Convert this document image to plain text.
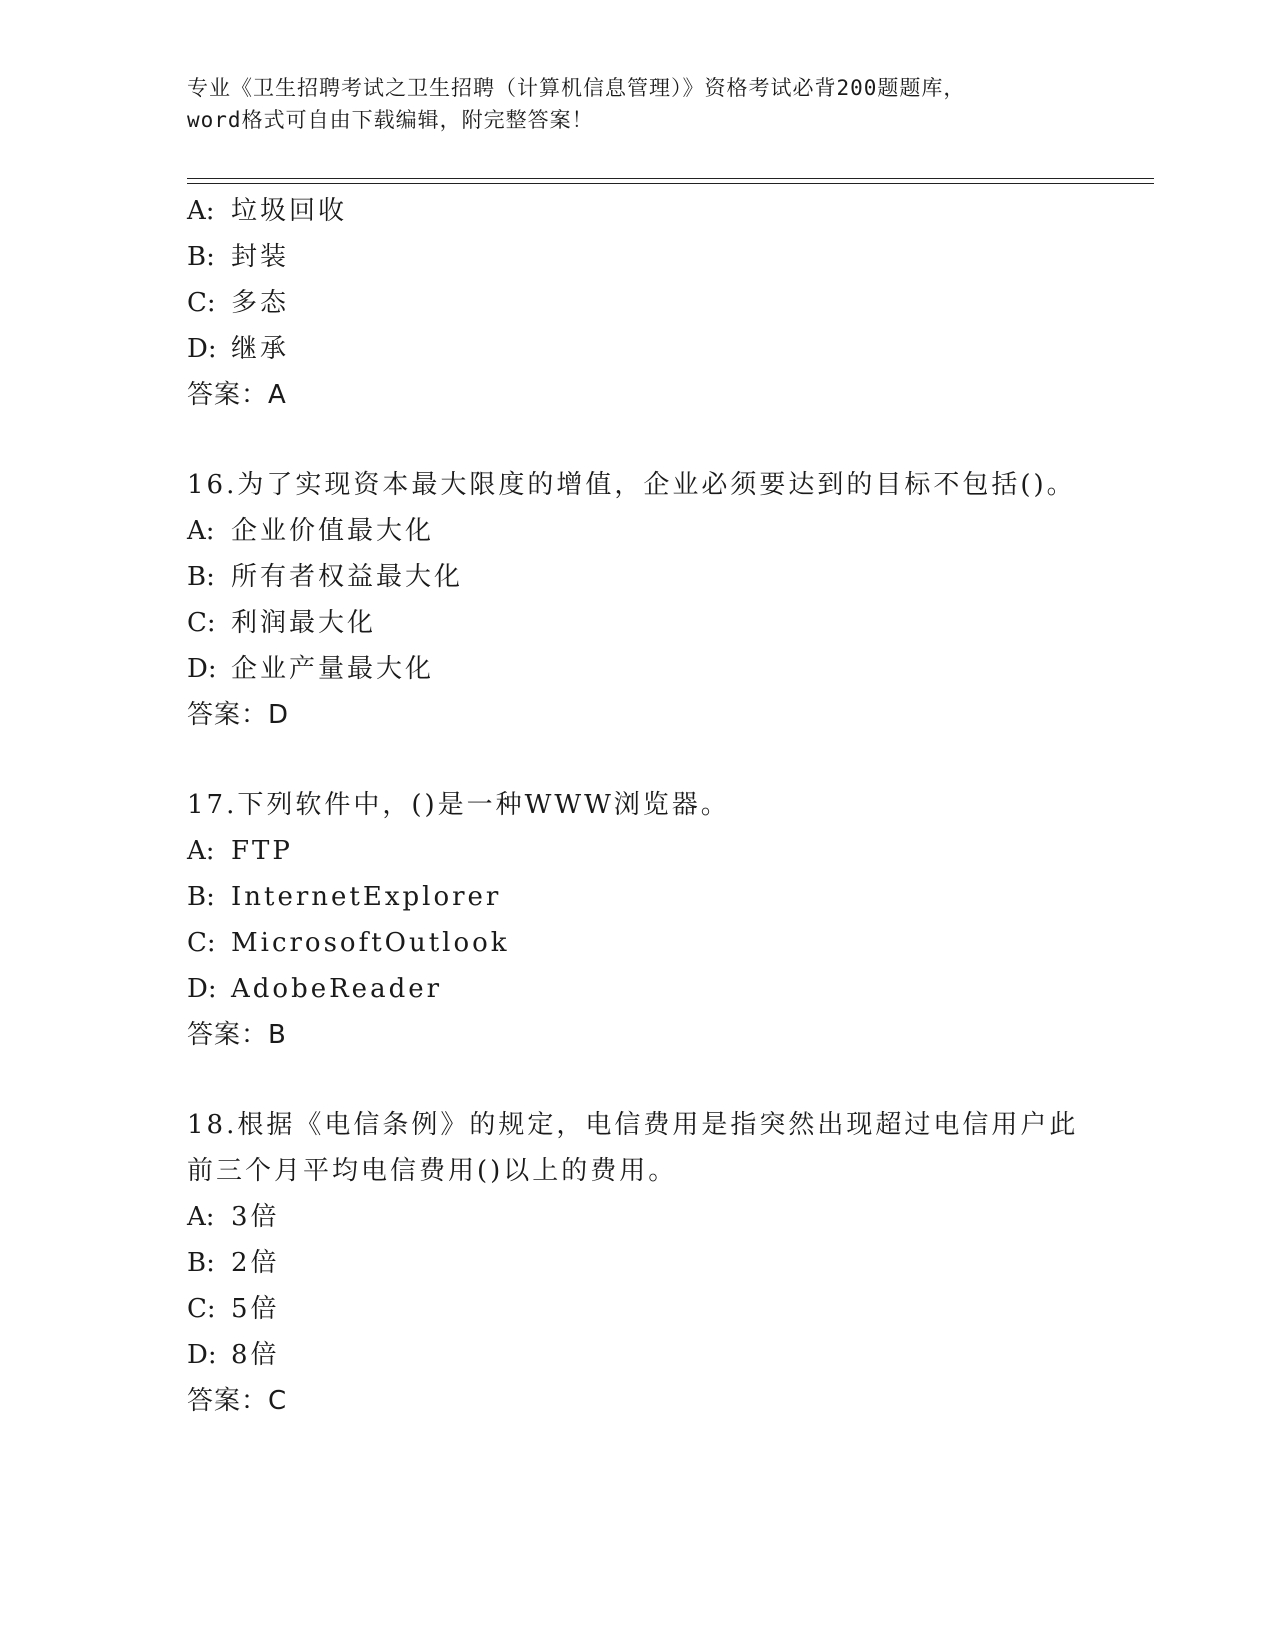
专业《卫生招聘考试之卫生招聘（计算机信息管理）》资格考试必背200题题库，
word格式可自由下载编辑，附完整答案！
A: 垃圾回收
B: 封装
C: 多态
D: 继承
答案：A
16.为了实现资本最大限度的增值，企业必须要达到的目标不包括()。
A: 企业价值最大化
B: 所有者权益最大化
C: 利润最大化
D: 企业产量最大化
答案：D
17.下列软件中，()是一种WWW浏览器。
A: FTP
B: InternetExplorer
C: MicrosoftOutlook
D: AdobeReader
答案：B
18.根据《电信条例》的规定，电信费用是指突然出现超过电信用户此
前三个月平均电信费用()以上的费用。
A: 3倍
B: 2倍
C: 5倍
D: 8倍
答案：C
